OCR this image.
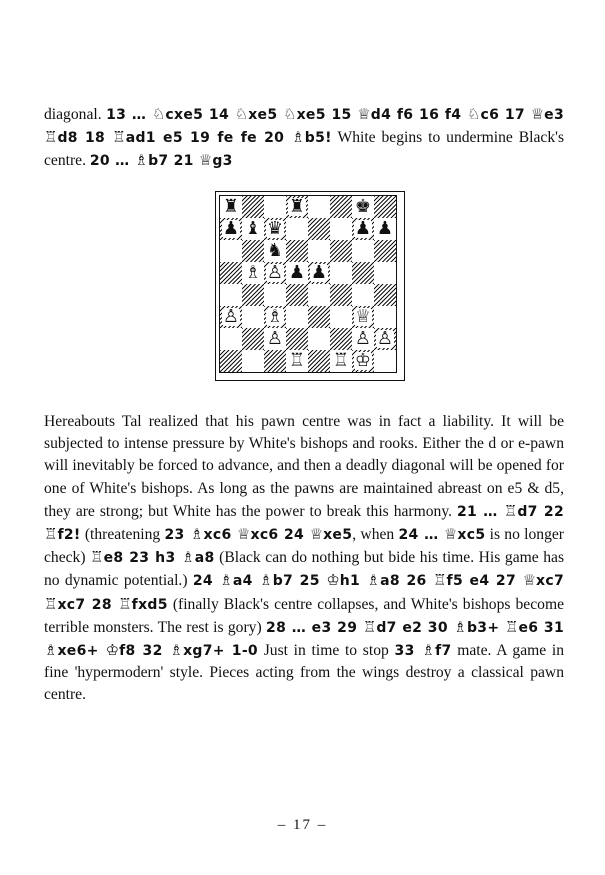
diagonal. 13 … ♘cxe5 14 ♘xe5 ♘xe5 15 ♕d4 f6 16 f4 ♘c6 17 ♕e3 ♖d8 18 ♖ad1 e5 19 fe fe 20 ♗b5! White begins to undermine Black's centre. 20 … ♗b7 21 ♕g3
♜	♜	♚
♟ ♝ ♛	♟ ♟
♞
♗ ♙ ♟ ♟
♙ ♗	♕
♙	♙ ♙
♖ ♖ ♔
Hereabouts Tal realized that his pawn centre was in fact a liability. It will be subjected to intense pressure by White's bishops and rooks. Either the d or e-pawn will inevitably be forced to advance, and then a deadly diagonal will be opened for one of White's bishops. As long as the pawns are maintained abreast on e5 & d5, they are strong; but White has the power to break this harmony. 21 … ♖d7 22 ♖f2! (threatening 23 ♗xc6 ♕xc6 24 ♕xe5, when 24 … ♕xc5 is no longer check) ♖e8 23 h3 ♗a8 (Black can do nothing but bide his time. His game has no dynamic potential.) 24 ♗a4 ♗b7 25 ♔h1 ♗a8 26 ♖f5 e4 27 ♕xc7 ♖xc7 28 ♖fxd5 (finally Black's centre collapses, and White's bishops become terrible monsters. The rest is gory) 28 … e3 29 ♖d7 e2 30 ♗b3+ ♖e6 31 ♗xe6+ ♔f8 32 ♗xg7+ 1-0 Just in time to stop 33 ♗f7 mate. A game in fine 'hypermodern' style. Pieces acting from the wings destroy a classical pawn centre.
– 17 –
